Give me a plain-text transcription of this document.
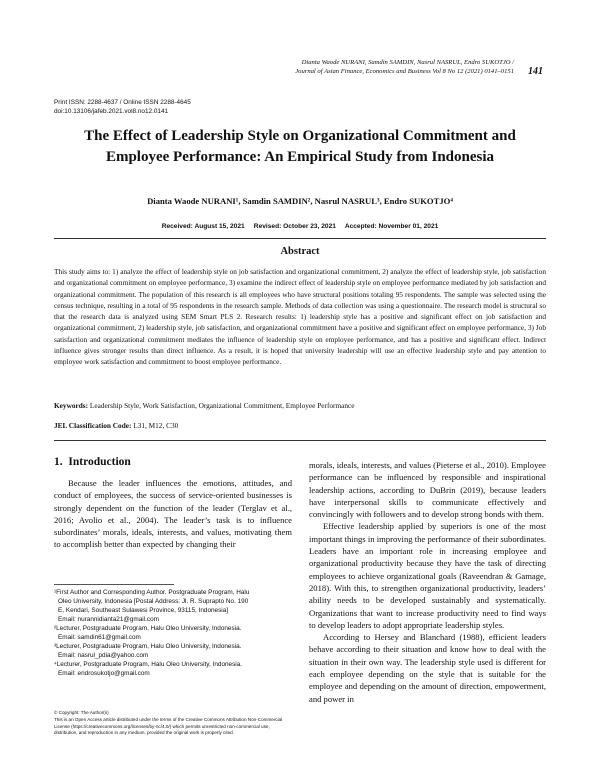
Dianta Waode NURANI, Samdin SAMDIN, Nasrul NASRUL, Endro SUKOTJO /
Journal of Asian Finance, Economics and Business Vol 8 No 12 (2021) 0141–0151 141
Print ISSN: 2288-4637 / Online ISSN 2288-4645
doi:10.13106/jafeb.2021.vol8.no12.0141
The Effect of Leadership Style on Organizational Commitment and
Employee Performance: An Empirical Study from Indonesia
Dianta Waode NURANI¹, Samdin SAMDIN², Nasrul NASRUL³, Endro SUKOTJO⁴
Received: August 15, 2021     Revised: October 23, 2021     Accepted: November 01, 2021
Abstract

This study aims to: 1) analyze the effect of leadership style on job satisfaction and organizational commitment, 2) analyze the effect of leadership style, job satisfaction and organizational commitment on employee performance, 3) examine the indirect effect of leadership style on employee performance mediated by job satisfaction and organizational commitment. The population of this research is all employees who have structural positions totaling 95 respondents. The sample was selected using the census technique, resulting in a total of 95 respondents in the research sample. Methods of data collection was using a questionnaire. The research model is structural so that the research data is analyzed using SEM Smart PLS 2. Research results: 1) leadership style has a positive and significant effect on job satisfaction and organizational commitment, 2) leadership style, job satisfaction, and organizational commitment have a positive and significant effect on employee performance, 3) Job satisfaction and organizational commitment mediates the influence of leadership style on employee performance, and has a positive and significant effect. Indirect influence gives stronger results than direct influence. As a result, it is hoped that university leadership will use an effective leadership style and pay attention to employee work satisfaction and commitment to boost employee performance.

Keywords: Leadership Style, Work Satisfaction, Organizational Commitment, Employee Performance
JEL Classification Code: L31, M12, C30
1.  Introduction

Because the leader influences the emotions, attitudes, and conduct of employees, the success of service-oriented businesses is strongly dependent on the function of the leader (Terglav et al., 2016; Avolio et al., 2004). The leader’s task is to influence subordinates’ morals, ideals, interests, and values, motivating them to accomplish better than expected by changing their

¹First Author and Corresponding Author. Postgraduate Program, Halu
Oleo University, Indonesia [Postal Address: Jl. R. Suprapto No. 190
E, Kendari, Southeast Sulawesi Province, 93115, Indonesia]
Email: nurannidianta21@gmail.com
²Lecturer, Postgraduate Program, Halu Oleo University, Indonesia.
Email: samdin61@gmail.com
³Lecturer, Postgraduate Program, Halu Oleo University, Indonesia.
Email: nasrul_pdia@yahoo.com
⁴Lecturer, Postgraduate Program, Halu Oleo University, Indonesia.
Email: endrosukotjo@gmail.com
© Copyright: The Author(s)
This is an Open Access article distributed under the terms of the Creative Commons Attribution Non-Commercial License (https://creativecommons.org/licenses/by-nc/4.0/) which permits unrestricted non-commercial use, distribution, and reproduction in any medium, provided the original work is properly cited.

morals, ideals, interests, and values (Pieterse et al., 2010). Employee performance can be influenced by responsible and inspirational leadership actions, according to DuBrin (2019), because leaders have interpersonal skills to communicate effectively and convincingly with followers and to develop strong bonds with them.

Effective leadership applied by superiors is one of the most important things in improving the performance of their subordinates. Leaders have an important role in increasing employee and organizational productivity because they have the task of directing employees to achieve organizational goals (Raveendran & Gamage, 2018). With this, to strengthen organizational productivity, leaders’ ability needs to be developed sustainably and systematically. Organizations that want to increase productivity need to find ways to develop leaders to adopt appropriate leadership styles.

According to Hersey and Blanchard (1988), efficient leaders behave according to their situation and know how to deal with the situation in their own way. The leadership style used is different for each employee depending on the style that is suitable for the employee and depending on the amount of direction, empowerment, and power in
